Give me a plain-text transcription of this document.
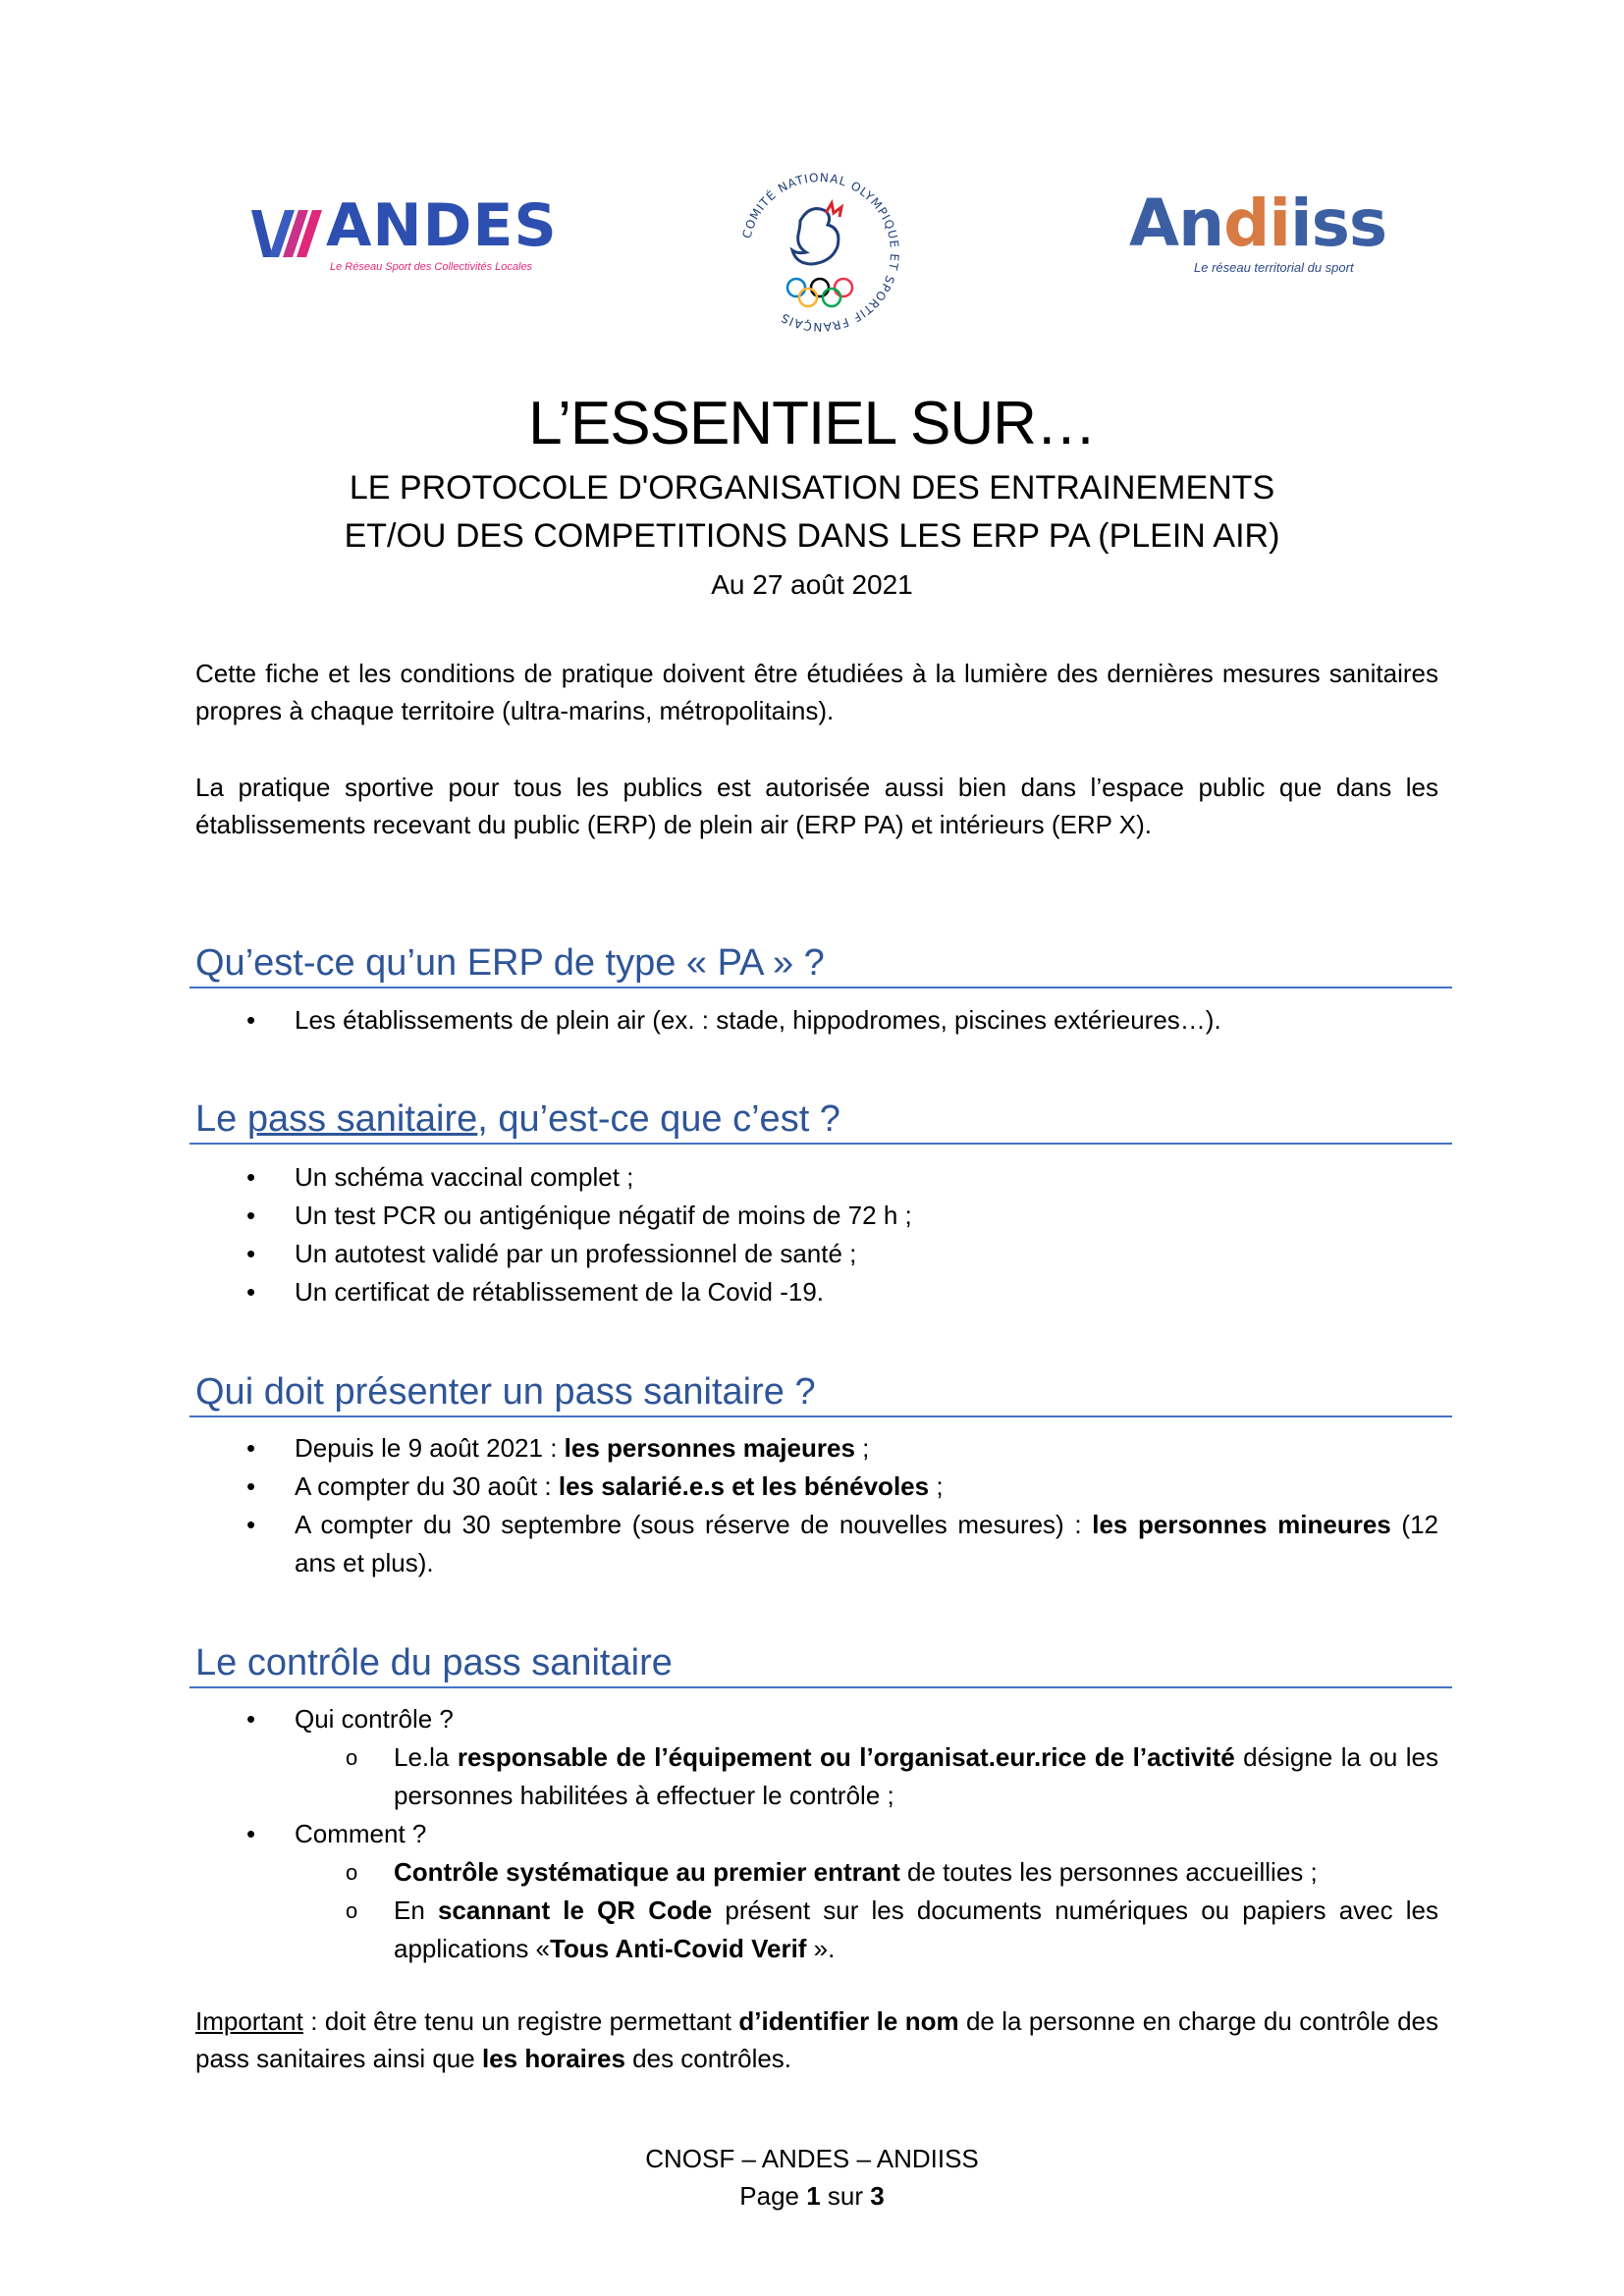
ANDES
Le Réseau Sport des Collectivités Locales
COMITÉ NATIONAL OLYMPIQUE ET SPORTIF FRANÇAIS
Andiiss
Le réseau territorial du sport
L’ESSENTIEL SUR…
LE PROTOCOLE D'ORGANISATION DES ENTRAINEMENTS
ET/OU DES COMPETITIONS DANS LES ERP PA (PLEIN AIR)
Au 27 août 2021
Cette fiche et les conditions de pratique doivent être étudiées à la lumière des dernières mesures sanitaires propres à chaque territoire (ultra-marins, métropolitains).
La pratique sportive pour tous les publics est autorisée aussi bien dans l’espace public que dans les établissements recevant du public (ERP) de plein air (ERP PA) et intérieurs (ERP X).
Qu’est-ce qu’un ERP de type « PA » ?
• Les établissements de plein air (ex. : stade, hippodromes, piscines extérieures…).
Le pass sanitaire, qu’est-ce que c’est ?
• Un schéma vaccinal complet ;
• Un test PCR ou antigénique négatif de moins de 72 h ;
• Un autotest validé par un professionnel de santé ;
• Un certificat de rétablissement de la Covid -19.
Qui doit présenter un pass sanitaire ?
• Depuis le 9 août 2021 : les personnes majeures ;
• A compter du 30 août : les salarié.e.s et les bénévoles ;
• A compter du 30 septembre (sous réserve de nouvelles mesures) : les personnes mineures (12 ans et plus).
Le contrôle du pass sanitaire
• Qui contrôle ?
o Le.la responsable de l’équipement ou l’organisat.eur.rice de l’activité désigne la ou les personnes habilitées à effectuer le contrôle ;
• Comment ?
o Contrôle systématique au premier entrant de toutes les personnes accueillies ;
o En scannant le QR Code présent sur les documents numériques ou papiers avec les applications «Tous Anti-Covid Verif ».
Important : doit être tenu un registre permettant d’identifier le nom de la personne en charge du contrôle des pass sanitaires ainsi que les horaires des contrôles.
CNOSF – ANDES – ANDIISS
Page 1 sur 3
